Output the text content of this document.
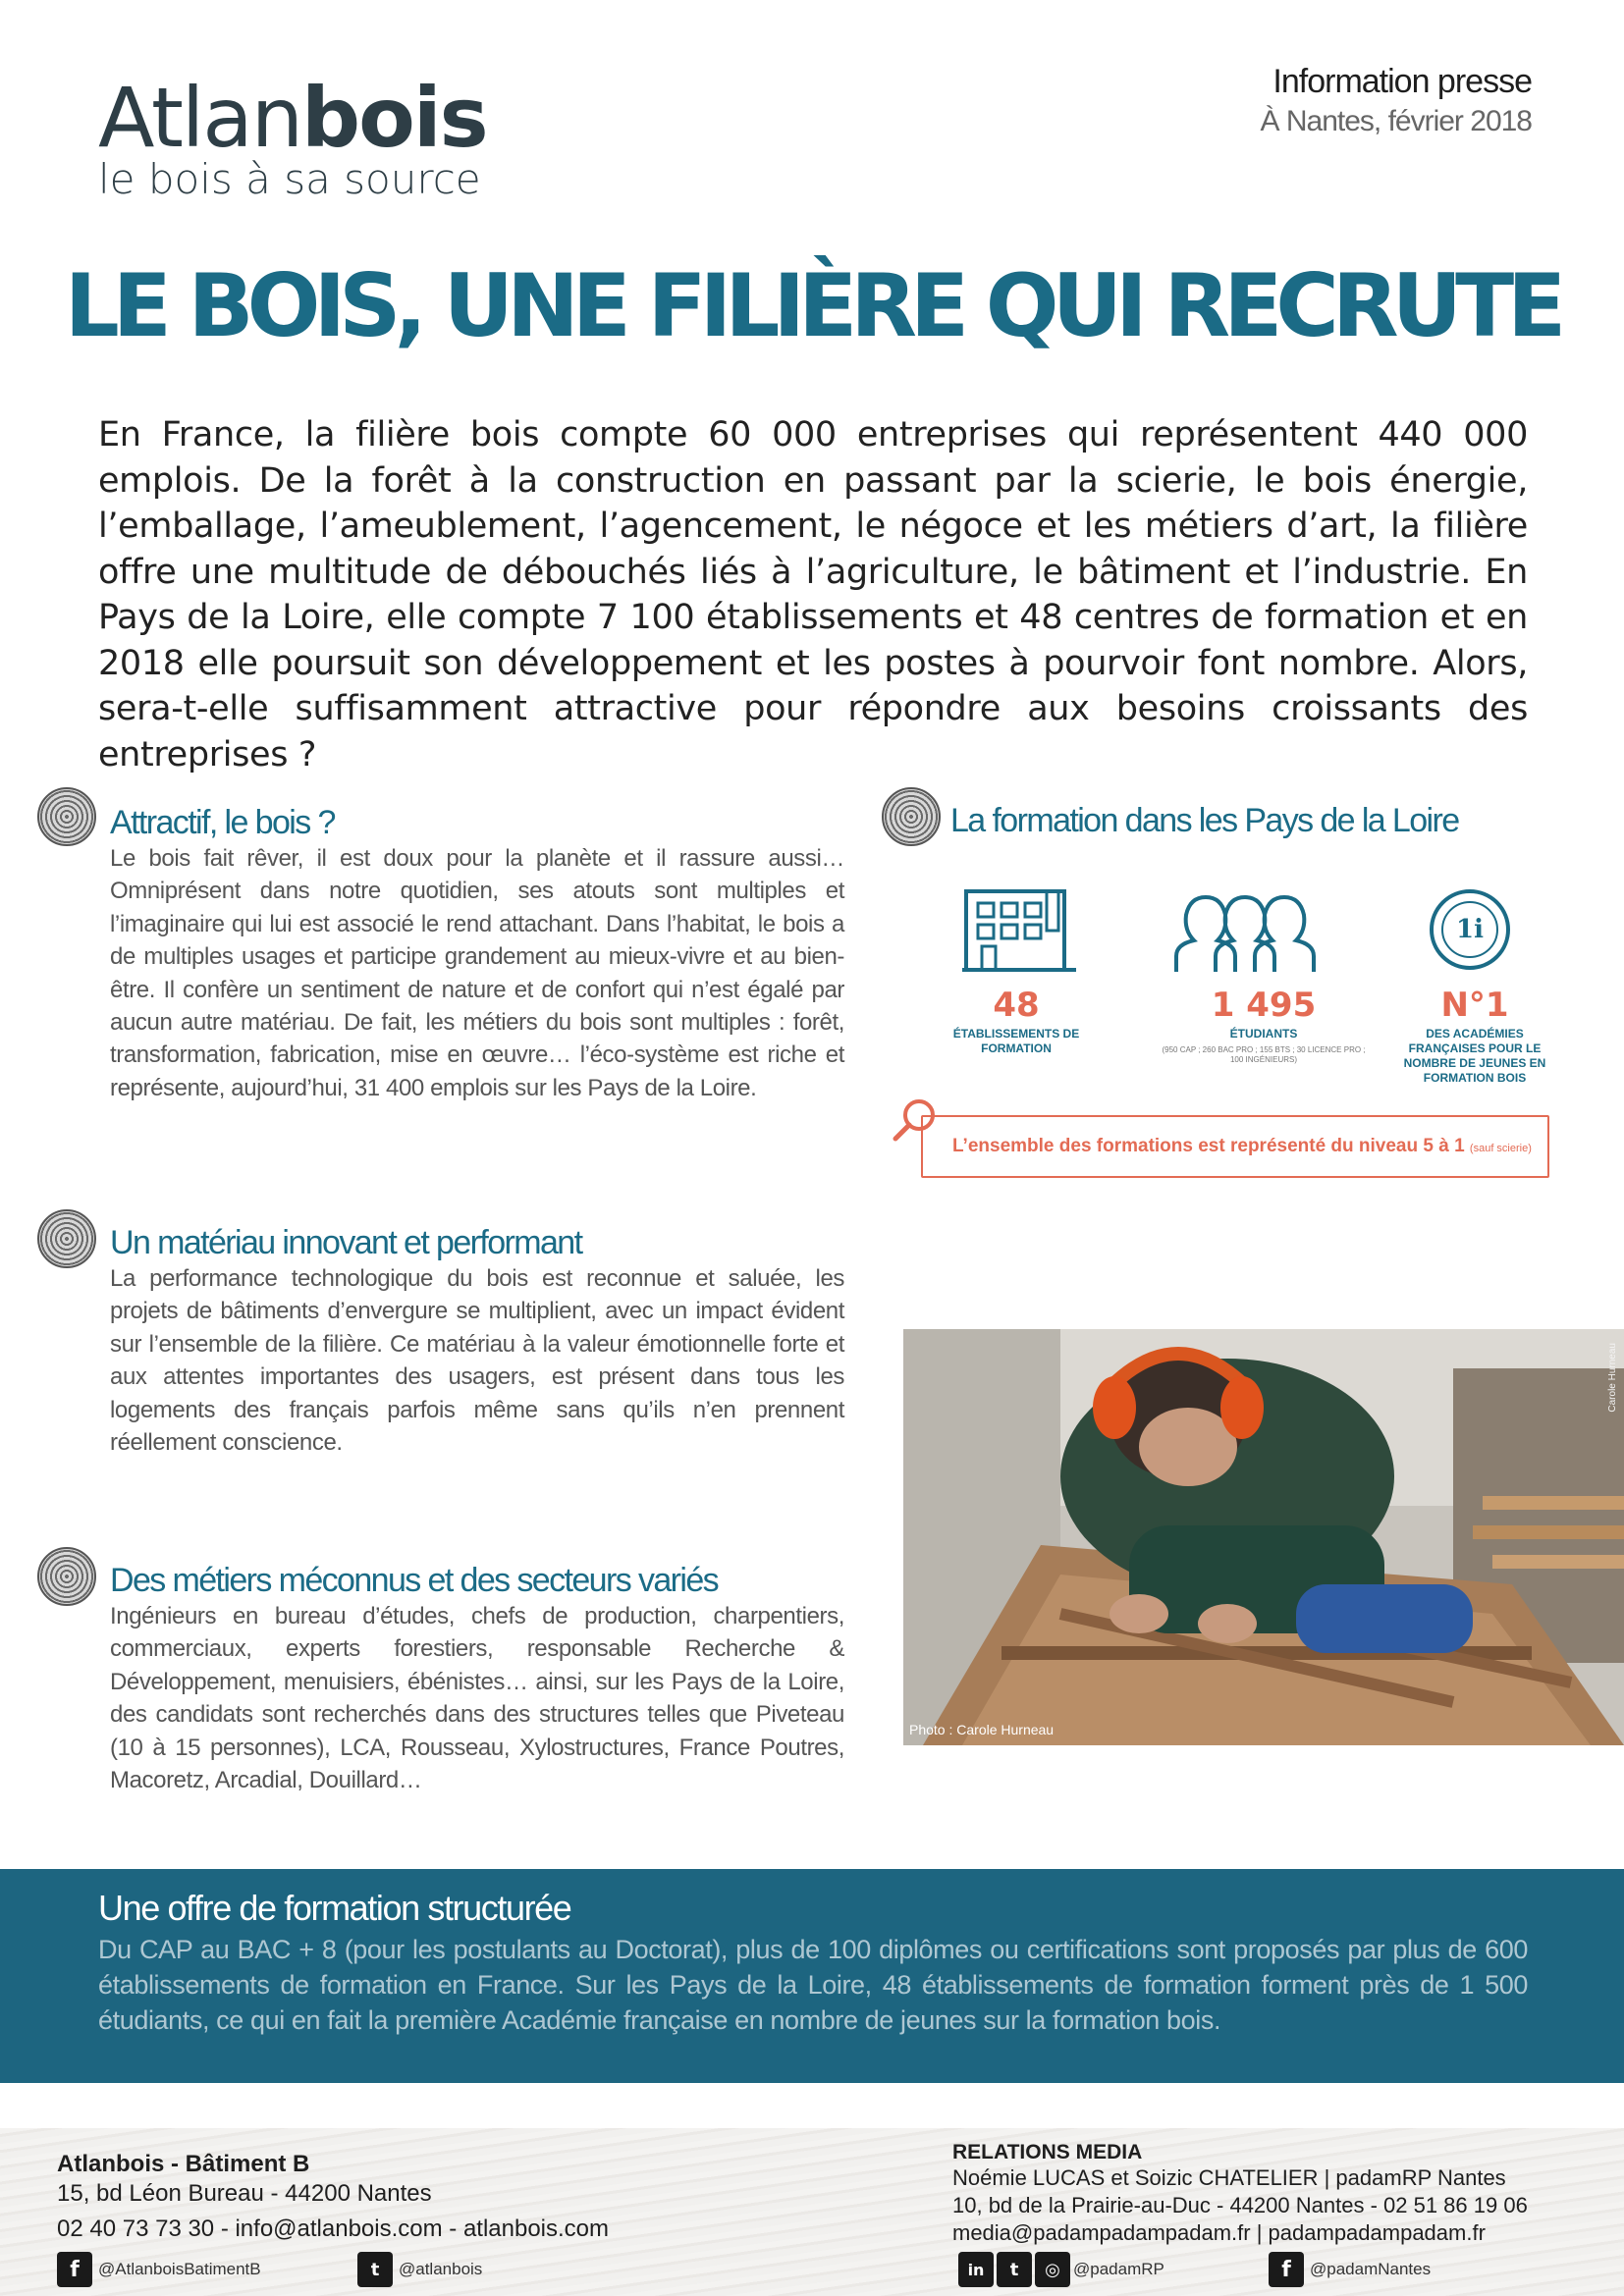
Atlanbois
le bois à sa source
Information presse
À Nantes, février 2018
LE BOIS, UNE FILIÈRE QUI RECRUTE
En France, la filière bois compte 60 000 entreprises qui représentent 440 000 emplois. De la forêt à la construction en passant par la scierie, le bois énergie, l’emballage, l’ameublement, l’agencement, le négoce et les métiers d’art, la filière offre une multitude de débouchés liés à l’agriculture, le bâtiment et l’industrie. En Pays de la Loire, elle compte 7 100 établissements et 48 centres de formation et en 2018 elle poursuit son développement et les postes à pourvoir font nombre. Alors, sera-t-elle suffisamment attractive pour répondre aux besoins croissants des entreprises ?
Attractif, le bois ?
Le bois fait rêver, il est doux pour la planète et il rassure aussi… Omniprésent dans notre quotidien, ses atouts sont multiples et l’imaginaire qui lui est associé le rend attachant. Dans l’habitat, le bois a de multiples usages et participe grandement au mieux-vivre et au bien-être. Il confère un sentiment de nature et de confort qui n’est égalé par aucun autre matériau. De fait, les métiers du bois sont multiples : forêt, transformation, fabrication, mise en œuvre… l’éco-système est riche et représente, aujourd’hui, 31 400 emplois sur les Pays de la Loire.
Un matériau innovant et performant
La performance technologique du bois est reconnue et saluée, les projets de bâtiments d’envergure se multiplient, avec un impact évident sur l’ensemble de la filière. Ce matériau à la valeur émotionnelle forte et aux attentes importantes des usagers, est présent dans tous les logements des français parfois même sans qu’ils n’en prennent réellement conscience.
Des métiers méconnus et des secteurs variés
Ingénieurs en bureau d’études, chefs de production, charpentiers, commerciaux, experts forestiers, responsable Recherche & Développement, menuisiers, ébénistes… ainsi, sur les Pays de la Loire, des candidats sont recherchés dans des structures telles que Piveteau (10 à 15 personnes), LCA, Rousseau, Xylostructures, France Poutres, Macoretz, Arcadial, Douillard…
La formation dans les Pays de la Loire
1i
48
ÉTABLISSEMENTS DE FORMATION
1 495
ÉTUDIANTS
(950 CAP ; 260 BAC PRO ; 155 BTS ; 30 LICENCE PRO ; 100 INGÉNIEURS)
N°1
DES ACADÉMIES FRANÇAISES POUR LE NOMBRE DE JEUNES EN FORMATION BOIS
L’ensemble des formations est représenté du niveau 5 à 1 (sauf scierie)
Photo : Carole Hurneau
Carole Hurneau
Une offre de formation structurée
Du CAP au BAC + 8 (pour les postulants au Doctorat), plus de 100 diplômes ou certifications sont proposés par plus de 600 établissements de formation en France. Sur les Pays de la Loire, 48 établissements de formation forment près de 1 500 étudiants, ce qui en fait la première Académie française en nombre de jeunes sur la formation bois.
Atlanbois - Bâtiment B
15, bd Léon Bureau - 44200 Nantes
02 40 73 73 30 - info@atlanbois.com - atlanbois.com
f	@AtlanboisBatimentB	t	@atlanbois
RELATIONS MEDIA
Noémie LUCAS et Soizic CHATELIER | padamRP Nantes
10, bd de la Prairie-au-Duc - 44200 Nantes - 02 51 86 19 06
media@padampadampadam.fr | padampadampadam.fr
in	t	◎ @padamRP	f	@padamNantes
